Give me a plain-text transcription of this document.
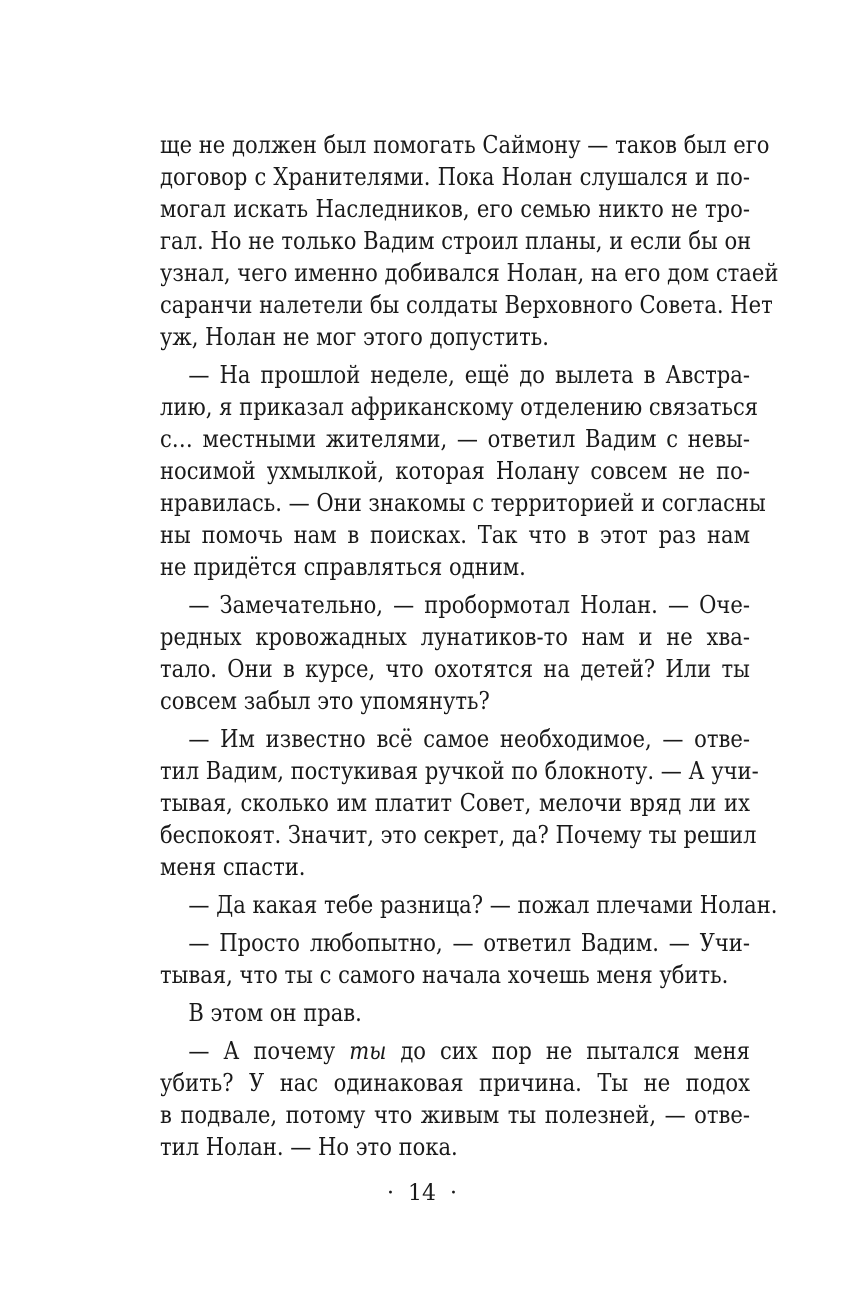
ще не должен был помогать Саймону — таков был его
договор с Хранителями. Пока Нолан слушался и по-
могал искать Наследников, его семью никто не тро-
гал. Но не только Вадим строил планы, и если бы он
узнал, чего именно добивался Нолан, на его дом стаей
саранчи налетели бы солдаты Верховного Совета. Нет
уж, Нолан не мог этого допустить.
— На прошлой неделе, ещё до вылета в Австра-
лию, я приказал африканскому отделению связаться
с… местными жителями, — ответил Вадим с невы-
носимой ухмылкой, которая Нолану совсем не по-
нравилась. — Они знакомы с территорией и согласны
ны помочь нам в поисках. Так что в этот раз нам
не придётся справляться одним.
— Замечательно, — пробормотал Нолан. — Оче-
редных кровожадных лунатиков-то нам и не хва-
тало. Они в курсе, что охотятся на детей? Или ты
совсем забыл это упомянуть?
— Им известно всё самое необходимое, — отве-
тил Вадим, постукивая ручкой по блокноту. — А учи-
тывая, сколько им платит Совет, мелочи вряд ли их
беспокоят. Значит, это секрет, да? Почему ты решил
меня спасти.
— Да какая тебе разница? — пожал плечами Нолан.
— Просто любопытно, — ответил Вадим. — Учи-
тывая, что ты с самого начала хочешь меня убить.
В этом он прав.
— А почему ты до сих пор не пытался меня
убить? У нас одинаковая причина. Ты не подох
в подвале, потому что живым ты полезней, — отве-
тил Нолан. — Но это пока.
· 14 ·
